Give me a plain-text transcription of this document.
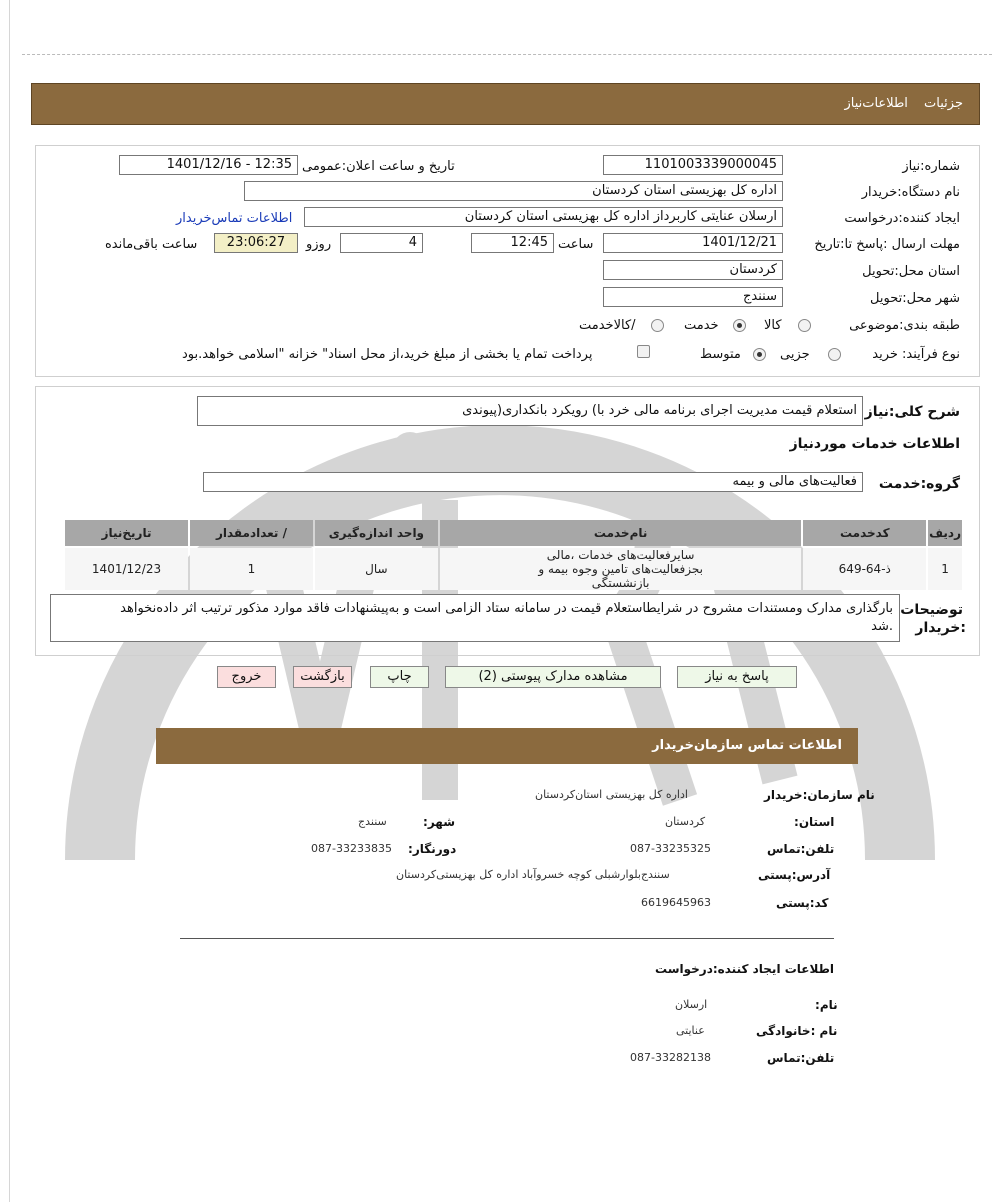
جزئیات اطلاعات‌نیاز
شماره:نیاز
1101003339000045
تاریخ و ساعت اعلان:عمومی
1401/12/16 - 12:35
نام دستگاه:خریدار
اداره کل بهزیستی استان کردستان
ایجاد کننده:درخواست
ارسلان عنایتی کاربرداز اداره کل بهزیستی استان کردستان
اطلاعات تماس‌خریدار
مهلت ارسال :پاسخ تا:تاریخ
1401/12/21
ساعت
12:45
4
روزو
23:06:27
ساعت باقی‌مانده
استان محل:تحویل
کردستان
شهر محل:تحویل
سنندج
طبقه بندی:موضوعی
کالا
خدمت
/کالاخدمت
نوع فرآیند: خرید
جزیی
متوسط
پرداخت تمام یا بخشی از مبلغ خرید،از محل اسناد" خزانه "اسلامی خواهد.بود
شرح کلی:نیاز
استعلام قیمت مدیریت اجرای برنامه مالی خرد با) رویکرد بانکداری(پیوندی
اطلاعات خدمات موردنیاز
گروه:خدمت
فعالیت‌های مالی و بیمه
ردیف	کدخدمت	نام‌خدمت	واحد اندازه‌گیری	/ تعدادمقدار	تاریخ‌نیاز
1	ذ-64-649	سایر‌فعالیت‌های خدمات ،مالی بجز‌فعالیت‌های تامین وجوه بیمه و بازنشستگی	سال	1	1401/12/23
توضیحات
:خریدار
بارگذاری مدارک ومستندات مشروح در شرایطاستعلام قیمت در سامانه ستاد الزامی است و به‌پیشنهادات فاقد موارد مذکور ترتیب اثر داده‌نخواهد
.شد
پاسخ به نیاز
مشاهده مدارک پیوستی (2)
چاپ
بازگشت
خروج
اطلاعات تماس سازمان‌خریدار
نام سازمان:خریدار
اداره کل بهزیستی استان‌کردستان
:استان
کردستان
:شهر
سنندج
تلفن:تماس
087-33235325
:دورنگار
087-33233835
آدرس:پستی
سنندج‌بلوارشبلی کوچه خسروآباد اداره کل بهزیستی‌کردستان
کد:پستی
6619645963
اطلاعات ایجاد کننده:درخواست
:نام
ارسلان
نام :خانوادگی
عنایتی
تلفن:تماس
087-33282138
